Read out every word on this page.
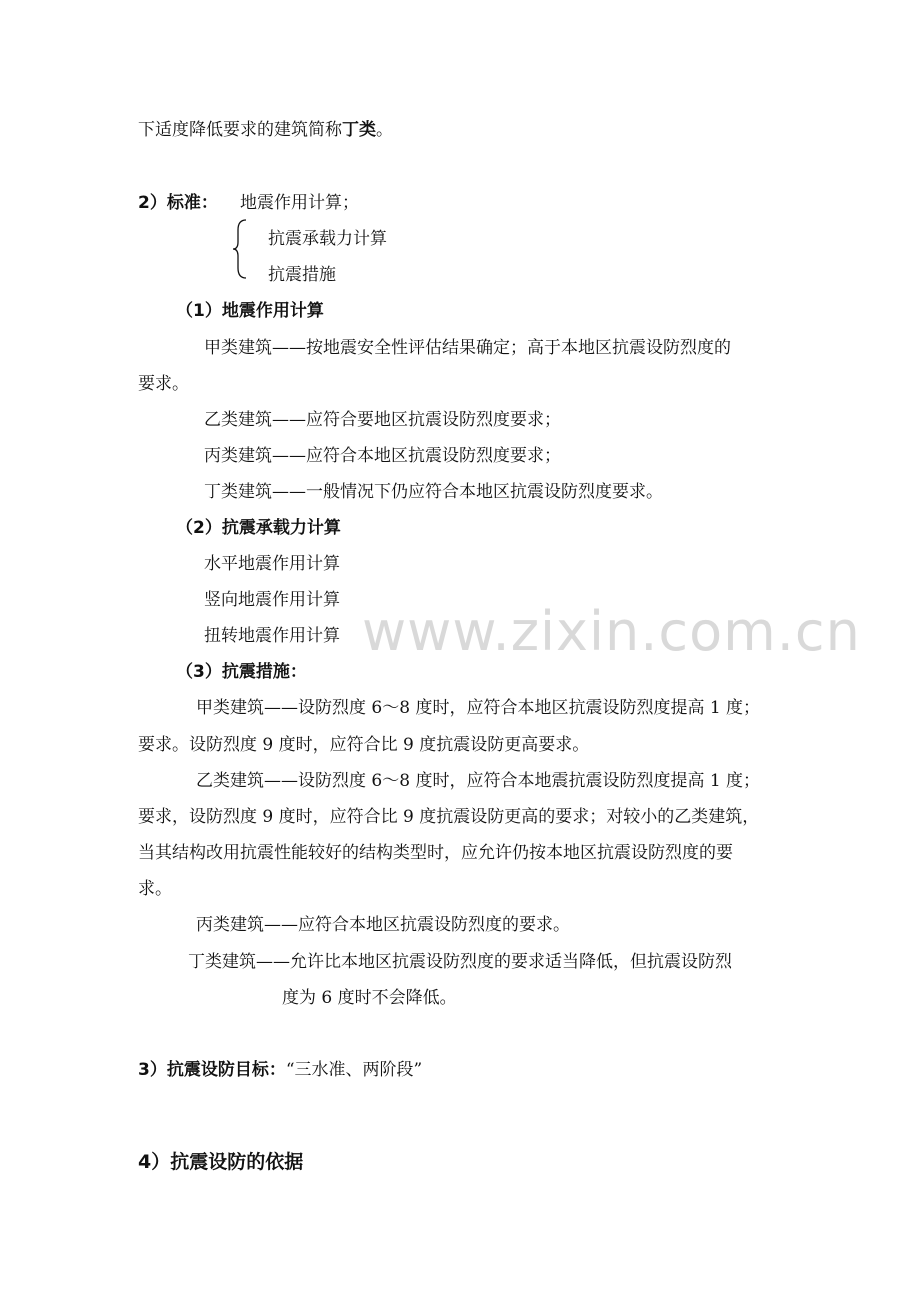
下适度降低要求的建筑简称丁类。
2）标准： 地震作用计算；
抗震承载力计算
抗震措施
（1）地震作用计算
甲类建筑——按地震安全性评估结果确定；高于本地区抗震设防烈度的
要求。
乙类建筑——应符合要地区抗震设防烈度要求；
丙类建筑——应符合本地区抗震设防烈度要求；
丁类建筑——一般情况下仍应符合本地区抗震设防烈度要求。
（2）抗震承载力计算
水平地震作用计算
竖向地震作用计算
扭转地震作用计算 www.zixin.com.cn
（3）抗震措施：
甲类建筑——设防烈度 6～8 度时，应符合本地区抗震设防烈度提高 1 度；
要求。设防烈度 9 度时，应符合比 9 度抗震设防更高要求。
乙类建筑——设防烈度 6～8 度时，应符合本地震抗震设防烈度提高 1 度；
要求，设防烈度 9 度时，应符合比 9 度抗震设防更高的要求；对较小的乙类建筑，
当其结构改用抗震性能较好的结构类型时，应允许仍按本地区抗震设防烈度的要
求。
丙类建筑——应符合本地区抗震设防烈度的要求。
丁类建筑——允许比本地区抗震设防烈度的要求适当降低，但抗震设防烈
度为 6 度时不会降低。
3）抗震设防目标：“三水准、两阶段”
4）抗震设防的依据
